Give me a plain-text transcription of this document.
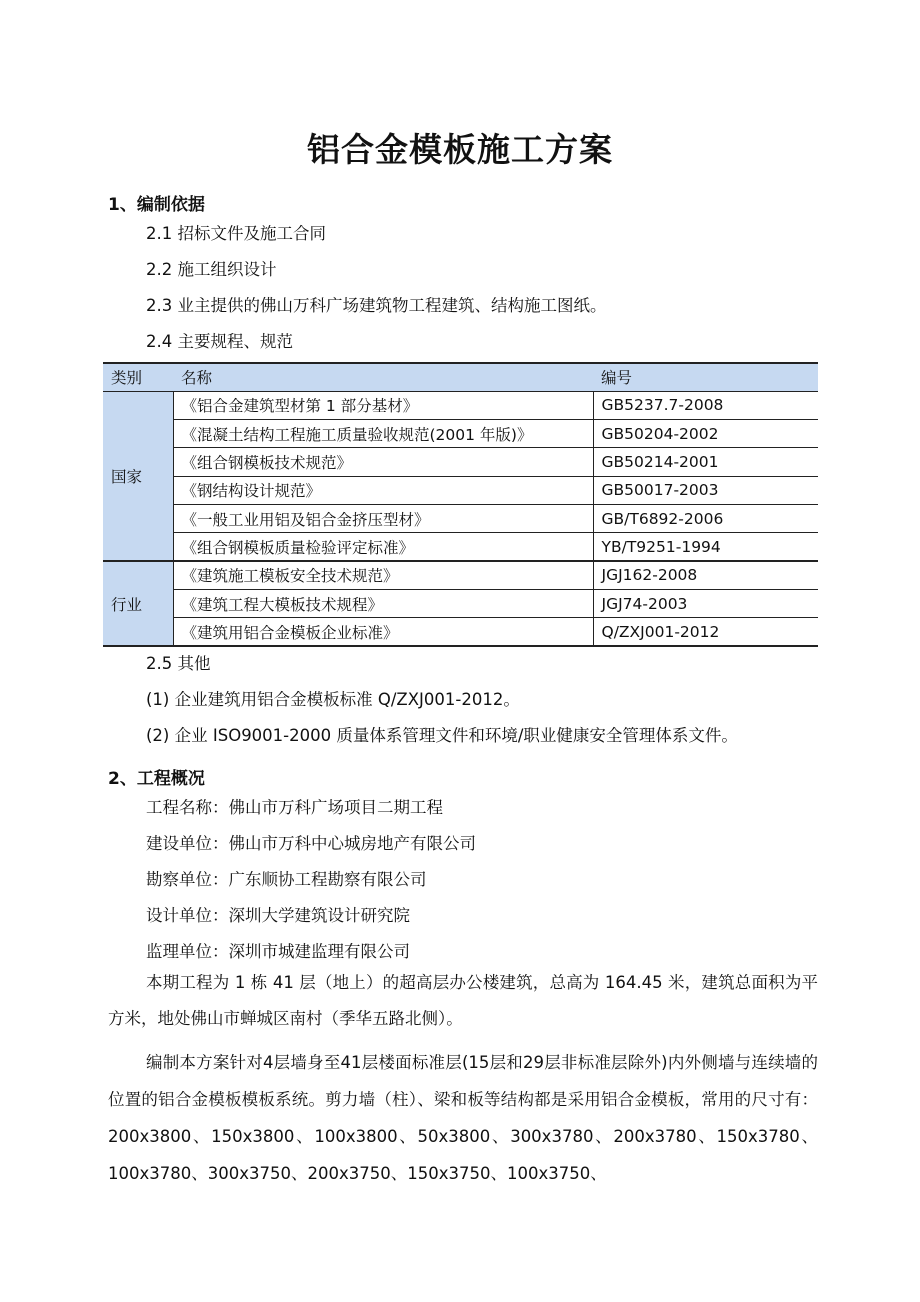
铝合金模板施工方案
1、编制依据
2.1 招标文件及施工合同
2.2 施工组织设计
2.3 业主提供的佛山万科广场建筑物工程建筑、结构施工图纸。
2.4 主要规程、规范
类别	名称	编号
国家	《铝合金建筑型材第 1 部分基材》	GB5237.7-2008
	《混凝土结构工程施工质量验收规范(2001 年版)》	GB50204-2002
	《组合钢模板技术规范》	GB50214-2001
	《钢结构设计规范》	GB50017-2003
	《一般工业用铝及铝合金挤压型材》	GB/T6892-2006
	《组合钢模板质量检验评定标准》	YB/T9251-1994
行业	《建筑施工模板安全技术规范》	JGJ162-2008
	《建筑工程大模板技术规程》	JGJ74-2003
	《建筑用铝合金模板企业标准》	Q/ZXJ001-2012
2.5 其他
(1) 企业建筑用铝合金模板标准 Q/ZXJ001-2012。
(2) 企业 ISO9001-2000 质量体系管理文件和环境/职业健康安全管理体系文件。
2、工程概况
工程名称：佛山市万科广场项目二期工程
建设单位：佛山市万科中心城房地产有限公司
勘察单位：广东顺协工程勘察有限公司
设计单位：深圳大学建筑设计研究院
监理单位：深圳市城建监理有限公司
本期工程为 1 栋 41 层（地上）的超高层办公楼建筑，总高为 164.45 米，建筑总面积为平方米，地处佛山市蝉城区南村（季华五路北侧）。
编制本方案针对4层墙身至41层楼面标准层(15层和29层非标准层除外)内外侧墙与连续墙的位置的铝合金模板模板系统。剪力墙（柱）、梁和板等结构都是采用铝合金模板，常用的尺寸有：200x3800、150x3800、100x3800、50x3800、300x3780、200x3780、150x3780、100x3780、300x3750、200x3750、150x3750、100x3750、
